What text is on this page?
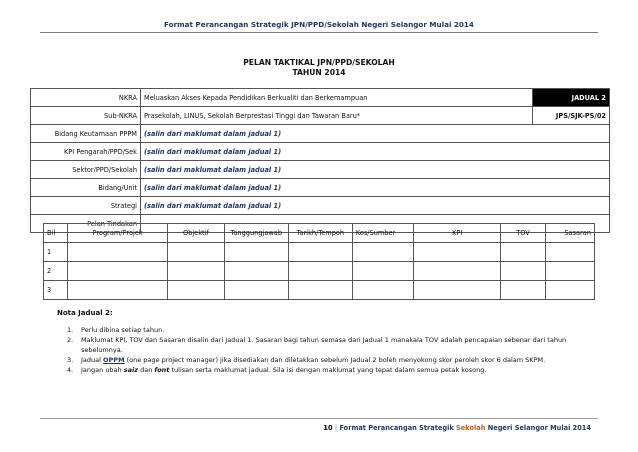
Format Perancangan Strategik JPN/PPD/Sekolah Negeri Selangor Mulai 2014
PELAN TAKTIKAL JPN/PPD/SEKOLAH
TAHUN 2014
NKRA	Meluaskan Akses Kepada Pendidikan Berkualiti dan Berkemampuan	JADUAL 2
Sub-NKRA	Prasekolah, LINUS, Sekolah Berprestasi Tinggi dan Tawaran Baru*	JPS/SJK-PS/02
Bidang Keutamaan PPPM	(salin dari maklumat dalam jadual 1)	
KPI Pengarah/PPD/Sek	(salin dari maklumat dalam jadual 1)	
Sektor/PPD/Sekolah	(salin dari maklumat dalam jadual 1)	
Bidang/Unit	(salin dari maklumat dalam jadual 1)	
Strategi	(salin dari maklumat dalam jadual 1)	
Pelan Tindakan		
Bil	Program/Projek	Objektif	Tanggungjawab	Tarikh/Tempoh	Kos/Sumber	KPI	TOV	Sasaran
1								
2								
3								
Nota Jadual 2:
1.	Perlu dibina setiap tahun.
2.	Maklumat KPI, TOV dan Sasaran disalin dari Jadual 1. Sasaran bagi tahun semasa dari Jadual 1 manakala TOV adalah pencapaian sebenar dari tahun sebelumnya.
3.	Jadual OPPM (one page project manager) jika disediakan dan diletakkan sebelum Jadual 2 boleh menyokong skor peroleh skor 6 dalam SKPM.
4.	Jangan ubah saiz dan font tulisan serta maklumat jadual. Sila isi dengan maklumat yang tepat dalam semua petak kosong.
10 | Format Perancangan Strategik Sekolah Negeri Selangor Mulai 2014
